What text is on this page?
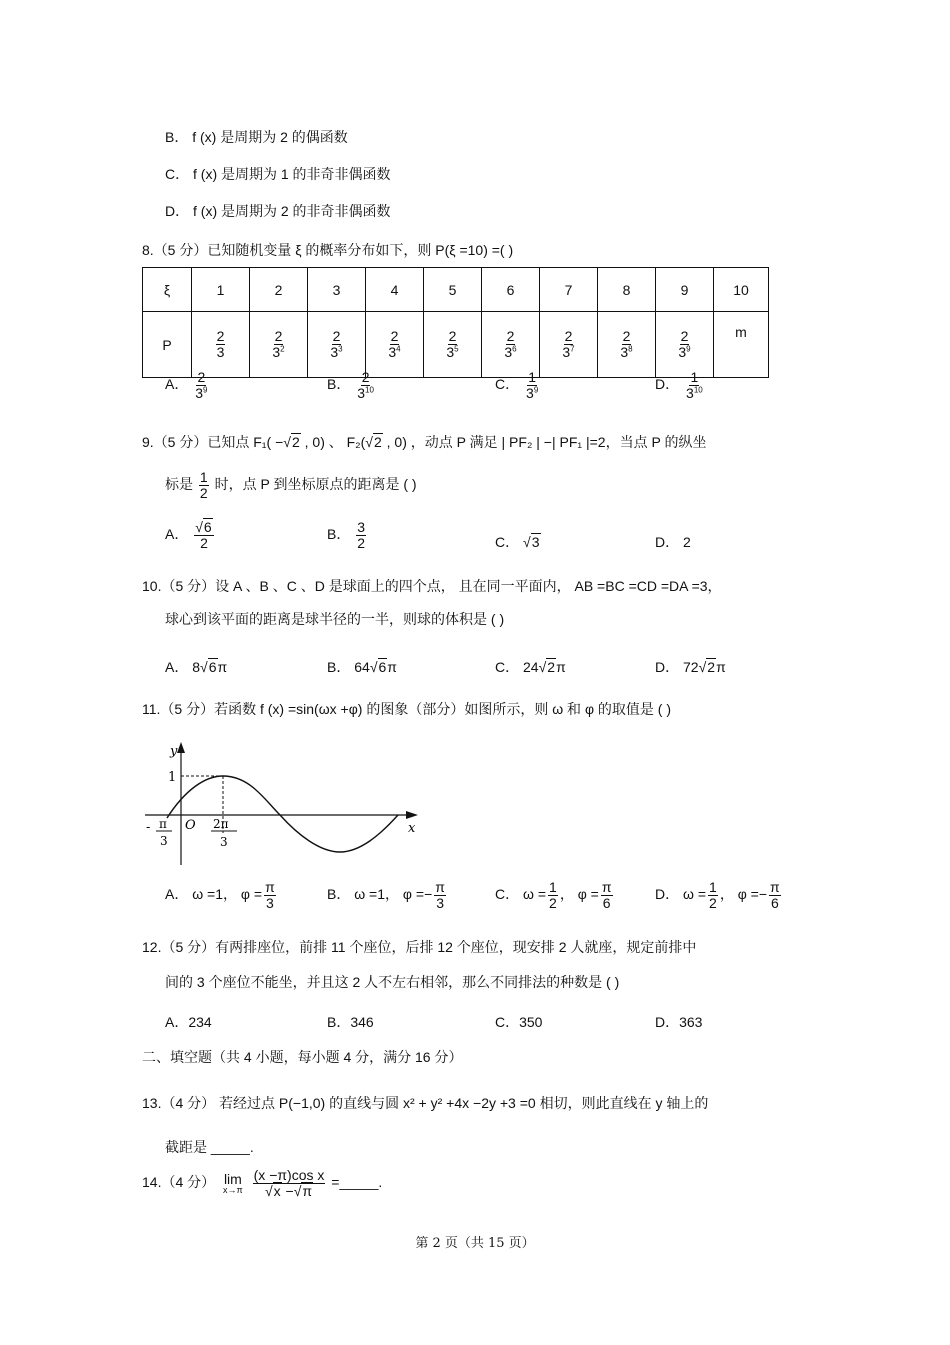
B． f (x) 是周期为 2 的偶函数
C． f (x) 是周期为 1 的非奇非偶函数
D． f (x) 是周期为 2 的非奇非偶函数
8.（5 分）已知随机变量 ξ 的概率分布如下，则 P(ξ =10) =( )
ξ	1	2	3	4	5	6	7	8	9	10
P	$\frac{2}{3}$	$\frac{2}{3^2}$	$\frac{2}{3^3}$	$\frac{2}{3^4}$	$\frac{2}{3^5}$	$\frac{2}{3^6}$	$\frac{2}{3^7}$	$\frac{2}{3^8}$	$\frac{2}{3^9}$	m
A． $\frac{2}{3^9}$	B． $\frac{2}{3^{10}}$	C． $\frac{1}{3^9}$	D． $\frac{1}{3^{10}}$
9.（5 分）已知点 F₁( −√2 , 0) 、 F₂(√2 , 0) ，动点 P 满足 | PF₂ | −| PF₁ |=2，当点 P 的纵坐
标是 $\frac{1}{2}$ 时，点 P 到坐标原点的距离是 ( )
A． $\frac{√6}{2}$	B． $\frac{3}{2}$	C． √3	D． 2
10.（5 分）设 A 、B 、C 、D 是球面上的四个点， 且在同一平面内， AB =BC =CD =DA =3，
球心到该平面的距离是球半径的一半，则球的体积是 ( )
A． 8√6π	B． 64√6π	C． 24√2π	D． 72√2π
11.（5 分）若函数 f (x) =sin(ωx +φ) 的图象（部分）如图所示，则 ω 和 φ 的取值是 ( )
y
x
1
O
- π
3
2π
3
A． ω =1， $\varphi = \frac{\pi}{3}$	B． ω =1， $\varphi =- \frac{\pi}{3}$	C． $\omega = \frac{1}{2}$ ， $\varphi = \frac{\pi}{6}$	D． $\omega = \frac{1}{2}$ ， $\varphi =- \frac{\pi}{6}$
12.（5 分）有两排座位，前排 11 个座位，后排 12 个座位，现安排 2 人就座，规定前排中
间的 3 个座位不能坐，并且这 2 人不左右相邻，那么不同排法的种数是 ( )
A．234	B．346	C．350	D．363
二、填空题（共 4 小题，每小题 4 分，满分 16 分）
13.（4 分） 若经过点 P(−1,0) 的直线与圆 x² + y² +4x −2y +3 =0 相切，则此直线在 y 轴上的
截距是 _____.
14.（4 分） lim
x→π
$\frac{\text{(x −π)cos x}}{√x -√\pi}$ =_____.
第 2 页（共 15 页）
